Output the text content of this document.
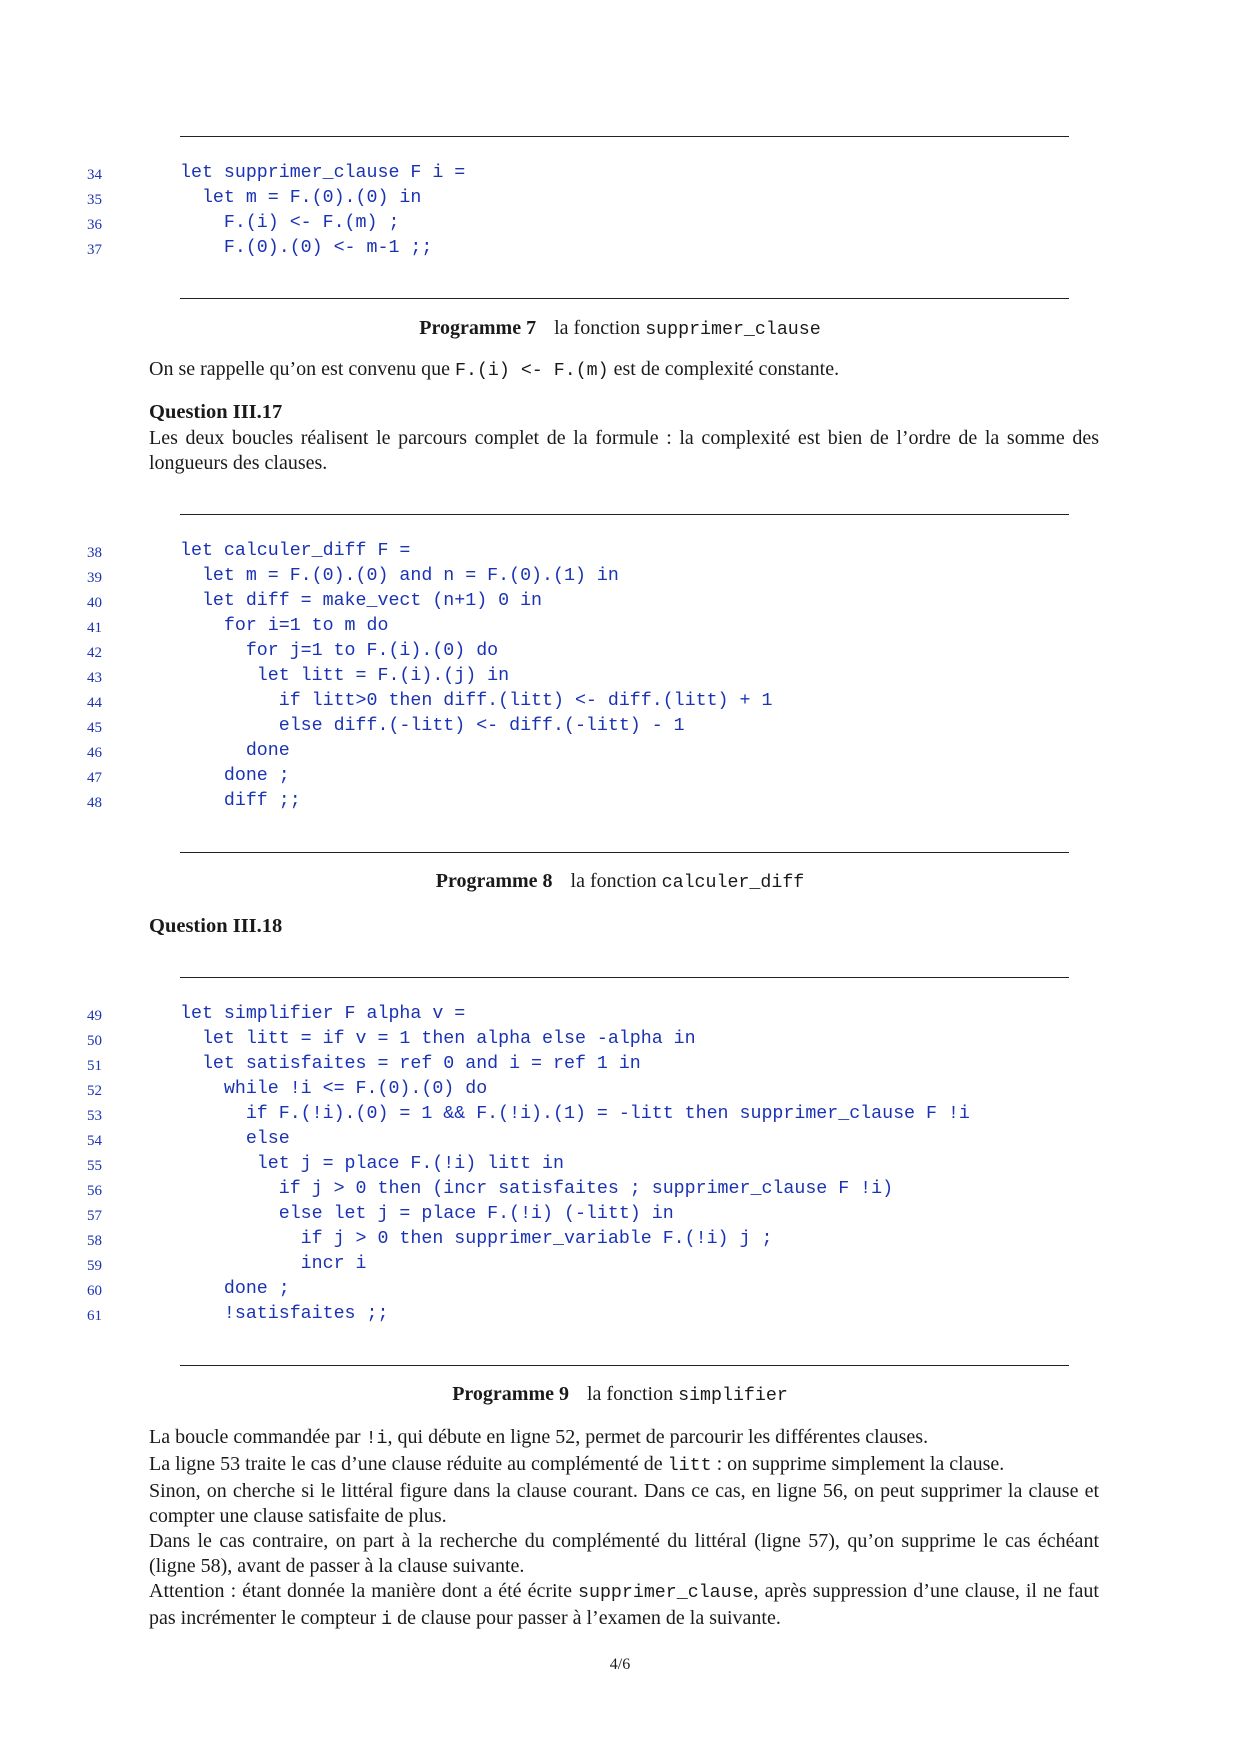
34	let supprimer_clause F i =
35	let m = F.(0).(0) in
36	F.(i) <- F.(m) ;
37	F.(0).(0) <- m-1 ;;
Programme 7 la fonction supprimer_clause
On se rappelle qu’on est convenu que F.(i) <- F.(m) est de complexité constante.
Question III.17
Les deux boucles réalisent le parcours complet de la formule : la complexité est bien de l’ordre de la somme des longueurs des clauses.
38	let calculer_diff F =
39	let m = F.(0).(0) and n = F.(0).(1) in
40	let diff = make_vect (n+1) 0 in
41	for i=1 to m do
42	for j=1 to F.(i).(0) do
43	let litt = F.(i).(j) in
44	if litt>0 then diff.(litt) <- diff.(litt) + 1
45	else diff.(-litt) <- diff.(-litt) - 1
46	done
47	done ;
48	diff ;;
Programme 8 la fonction calculer_diff
Question III.18
49	let simplifier F alpha v =
50	let litt = if v = 1 then alpha else -alpha in
51	let satisfaites = ref 0 and i = ref 1 in
52	while !i <= F.(0).(0) do
53	if F.(!i).(0) = 1 && F.(!i).(1) = -litt then supprimer_clause F !i
54	else
55	let j = place F.(!i) litt in
56	if j > 0 then (incr satisfaites ; supprimer_clause F !i)
57	else let j = place F.(!i) (-litt) in
58	if j > 0 then supprimer_variable F.(!i) j ;
59	incr i
60	done ;
61	!satisfaites ;;
Programme 9 la fonction simplifier

La boucle commandée par !i, qui débute en ligne 52, permet de parcourir les différentes clauses.

La ligne 53 traite le cas d’une clause réduite au complémenté de litt : on supprime simplement la clause.

Sinon, on cherche si le littéral figure dans la clause courant. Dans ce cas, en ligne 56, on peut supprimer la clause et compter une clause satisfaite de plus.

Dans le cas contraire, on part à la recherche du complémenté du littéral (ligne 57), qu’on supprime le cas échéant (ligne 58), avant de passer à la clause suivante.

Attention : étant donnée la manière dont a été écrite supprimer_clause, après suppression d’une clause, il ne faut pas incrémenter le compteur i de clause pour passer à l’examen de la suivante.

4/6
